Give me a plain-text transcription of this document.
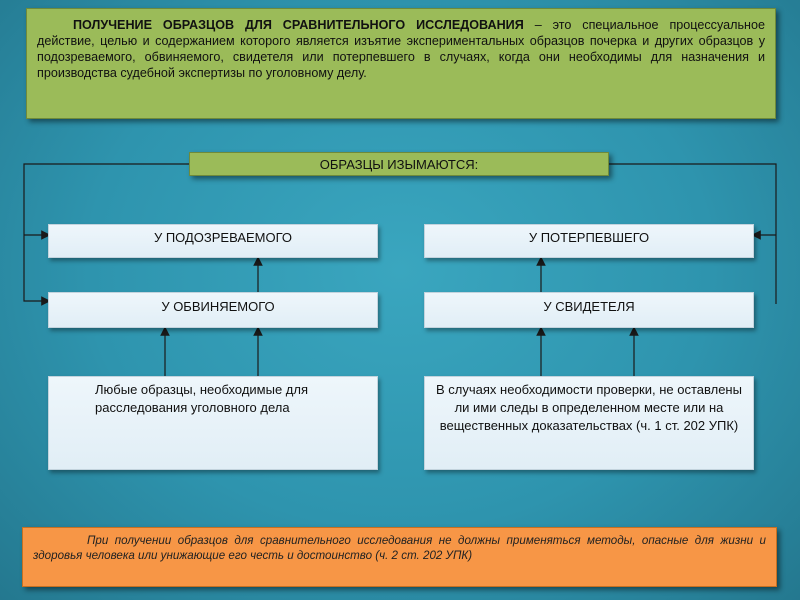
ПОЛУЧЕНИЕ ОБРАЗЦОВ ДЛЯ СРАВНИТЕЛЬНОГО ИССЛЕДОВАНИЯ – это специальное процессуальное действие, целью и содержанием которого является изъятие экспериментальных образцов почерка и других образцов у подозреваемого, обвиняемого, свидетеля или потерпевшего в случаях, когда они необходимы для назначения и производства судебной экспертизы по уголовному делу.
ОБРАЗЦЫ ИЗЫМАЮТСЯ:
У ПОДОЗРЕВАЕМОГО	У ПОТЕРПЕВШЕГО
У ОБВИНЯЕМОГО	У СВИДЕТЕЛЯ
Любые образцы, необходимые для расследования уголовного дела
В случаях необходимости проверки, не оставлены ли ими следы в определенном месте или на вещественных доказательствах (ч. 1 ст. 202 УПК)
При получении образцов для сравнительного исследования не должны применяться методы, опасные для жизни и здоровья человека или унижающие его честь и достоинство (ч. 2 ст. 202 УПК)
